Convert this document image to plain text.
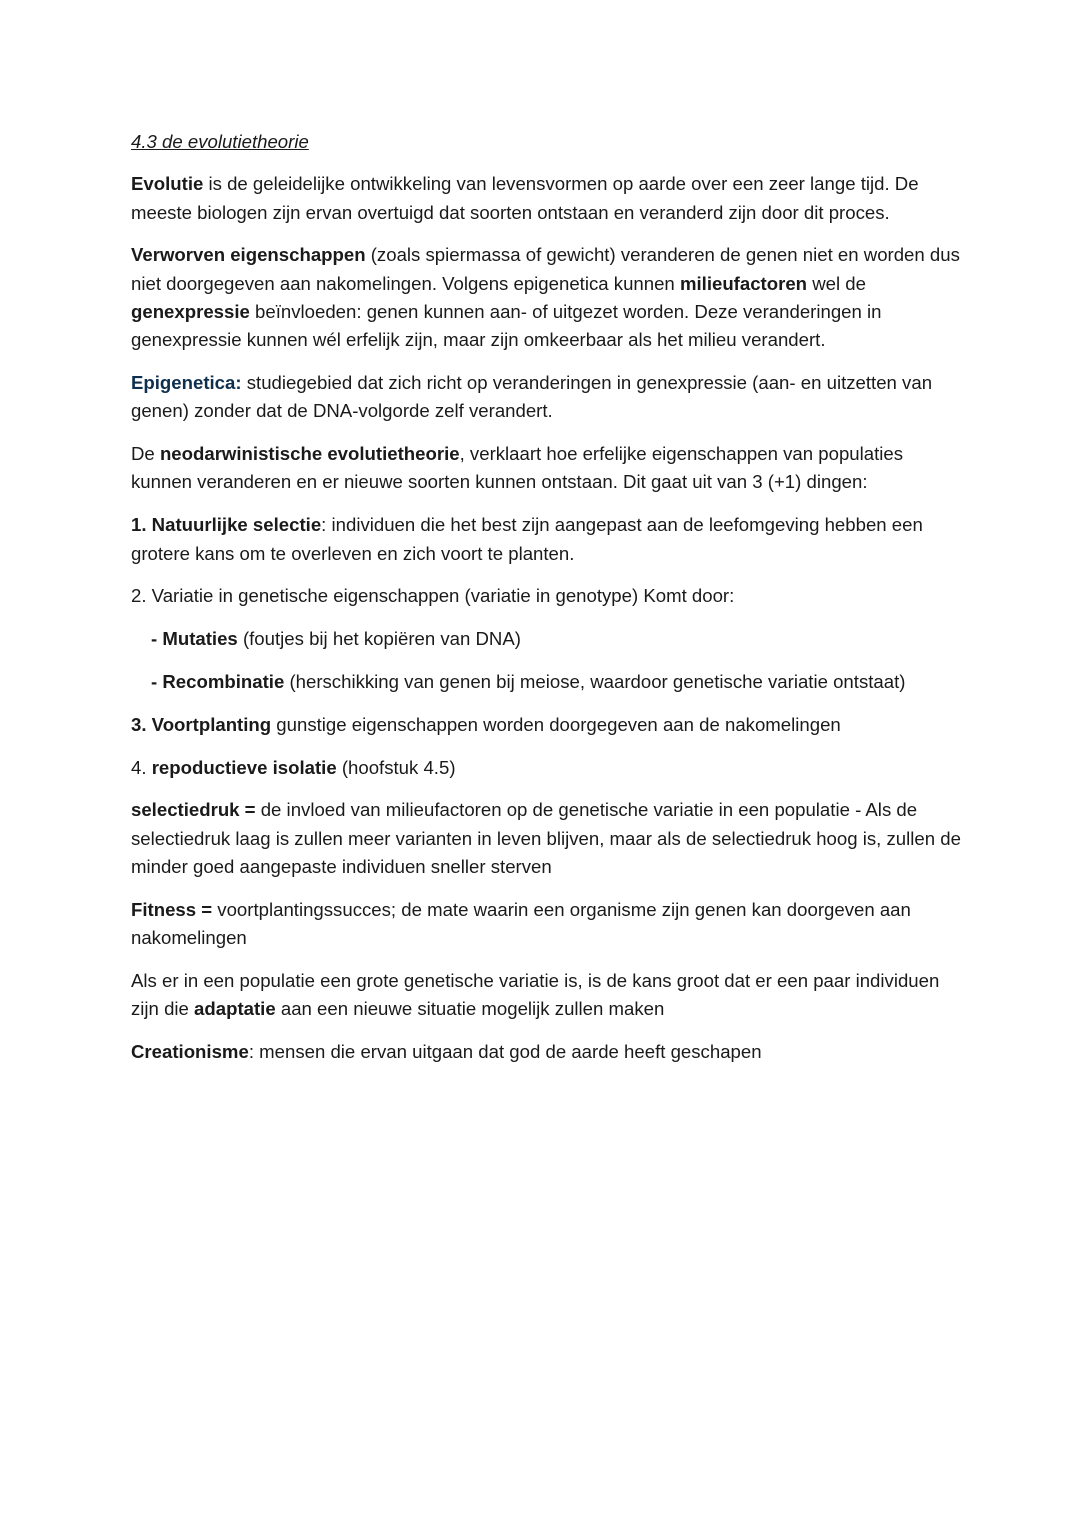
4.3 de evolutietheorie

Evolutie is de geleidelijke ontwikkeling van levensvormen op aarde over een zeer lange tijd. De meeste biologen zijn ervan overtuigd dat soorten ontstaan en veranderd zijn door dit proces.

Verworven eigenschappen (zoals spiermassa of gewicht) veranderen de genen niet en worden dus niet doorgegeven aan nakomelingen. Volgens epigenetica kunnen milieufactoren wel de genexpressie beïnvloeden: genen kunnen aan- of uitgezet worden. Deze veranderingen in genexpressie kunnen wél erfelijk zijn, maar zijn omkeerbaar als het milieu verandert.

Epigenetica: studiegebied dat zich richt op veranderingen in genexpressie (aan- en uitzetten van genen) zonder dat de DNA-volgorde zelf verandert.

De neodarwinistische evolutietheorie, verklaart hoe erfelijke eigenschappen van populaties kunnen veranderen en er nieuwe soorten kunnen ontstaan. Dit gaat uit van 3 (+1) dingen:

1. Natuurlijke selectie: individuen die het best zijn aangepast aan de leefomgeving hebben een grotere kans om te overleven en zich voort te planten.

2. Variatie in genetische eigenschappen (variatie in genotype) Komt door:

- Mutaties (foutjes bij het kopiëren van DNA)

- Recombinatie (herschikking van genen bij meiose, waardoor genetische variatie ontstaat)

3. Voortplanting gunstige eigenschappen worden doorgegeven aan de nakomelingen

4. repoductieve isolatie (hoofstuk 4.5)

selectiedruk = de invloed van milieufactoren op de genetische variatie in een populatie - Als de selectiedruk laag is zullen meer varianten in leven blijven, maar als de selectiedruk hoog is, zullen de minder goed aangepaste individuen sneller sterven

Fitness = voortplantingssucces; de mate waarin een organisme zijn genen kan doorgeven aan nakomelingen

Als er in een populatie een grote genetische variatie is, is de kans groot dat er een paar individuen zijn die adaptatie aan een nieuwe situatie mogelijk zullen maken

Creationisme: mensen die ervan uitgaan dat god de aarde heeft geschapen
